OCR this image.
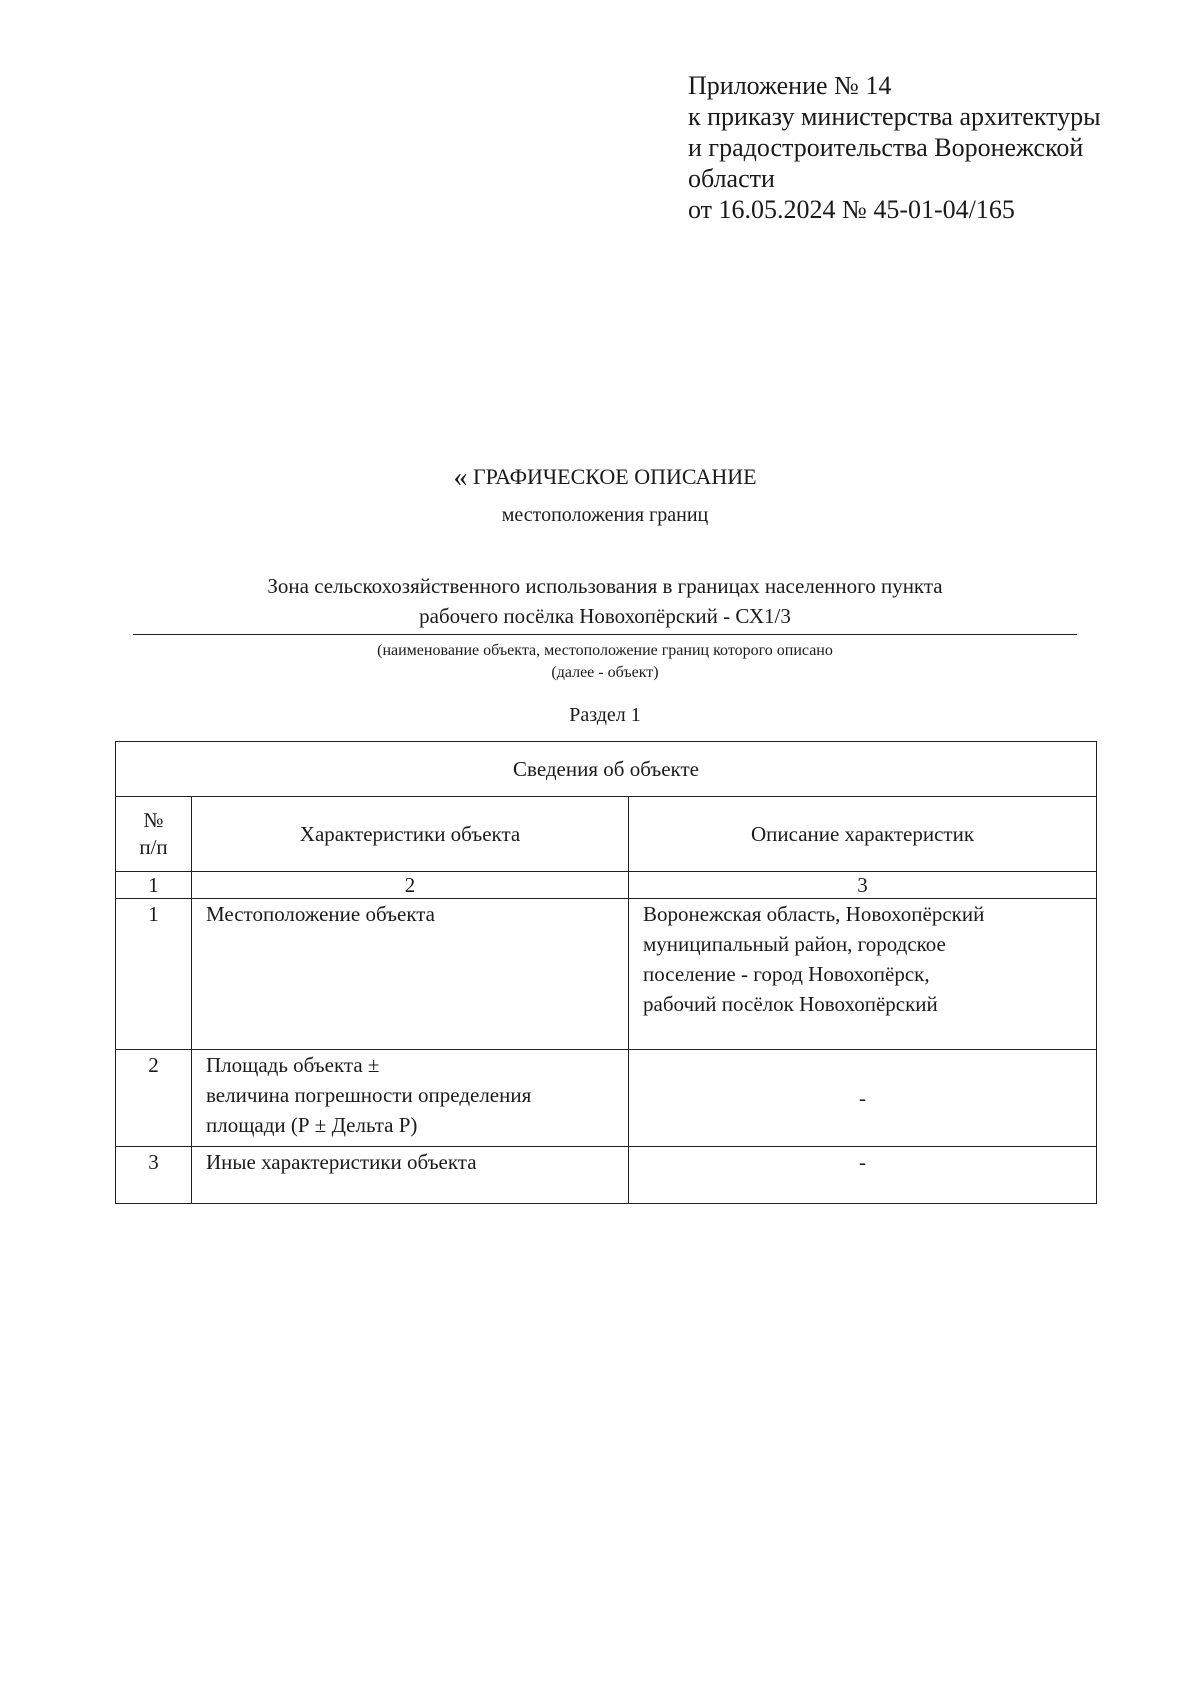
Приложение № 14
к приказу министерства архитектуры
и градостроительства Воронежской
области
от 16.05.2024 № 45-01-04/165
« ГРАФИЧЕСКОЕ ОПИСАНИЕ
местоположения границ
Зона сельскохозяйственного использования в границах населенного пункта
рабочего посёлка Новохопёрский - СХ1/3
(наименование объекта, местоположение границ которого описано
(далее - объект)
Раздел 1
Сведения об объекте		

№
п/п	Характеристики объекта	Описание характеристик
1	2	3
1	Местоположение объекта	Воронежская область, Новохопёрский
муниципальный район, городское
поселение - город Новохопёрск,
рабочий посёлок Новохопёрский

2	Площадь объекта ±
величина погрешности определения
площади (Р ± Дельта Р)	-
3	Иные характеристики объекта	-
